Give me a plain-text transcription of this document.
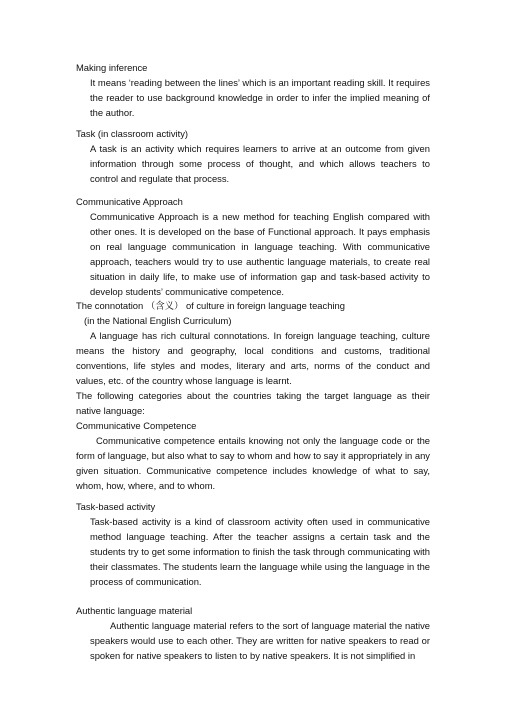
Making inference
It means ‘reading between the lines’ which is an important reading skill. It requires the reader to use background knowledge in order to infer the implied meaning of the author.
Task (in classroom activity)
A task is an activity which requires learners to arrive at an outcome from given information through some process of thought, and which allows teachers to control and regulate that process.
Communicative Approach
Communicative Approach is a new method for teaching English compared with other ones. It is developed on the base of Functional approach. It pays emphasis on real language communication in language teaching. With communicative approach, teachers would try to use authentic language materials, to create real situation in daily life, to make use of information gap and task-based activity to develop students’ communicative competence.
The connotation （含义） of culture in foreign language teaching
(in the National English Curriculum)
A language has rich cultural connotations. In foreign language teaching, culture means the history and geography, local conditions and customs, traditional conventions, life styles and modes, literary and arts, norms of the conduct and values, etc. of the country whose language is learnt.
The following categories about the countries taking the target language as their native language:
Communicative Competence
Communicative competence entails knowing not only the language code or the form of language, but also what to say to whom and how to say it appropriately in any given situation. Communicative competence includes knowledge of what to say, whom, how, where, and to whom.
Task-based activity
Task-based activity is a kind of classroom activity often used in communicative method language teaching. After the teacher assigns a certain task and the students try to get some information to finish the task through communicating with their classmates. The students learn the language while using the language in the process of communication.
Authentic language material
Authentic language material refers to the sort of language material the native speakers would use to each other. They are written for native speakers to read or spoken for native speakers to listen to by native speakers. It is not simplified in
